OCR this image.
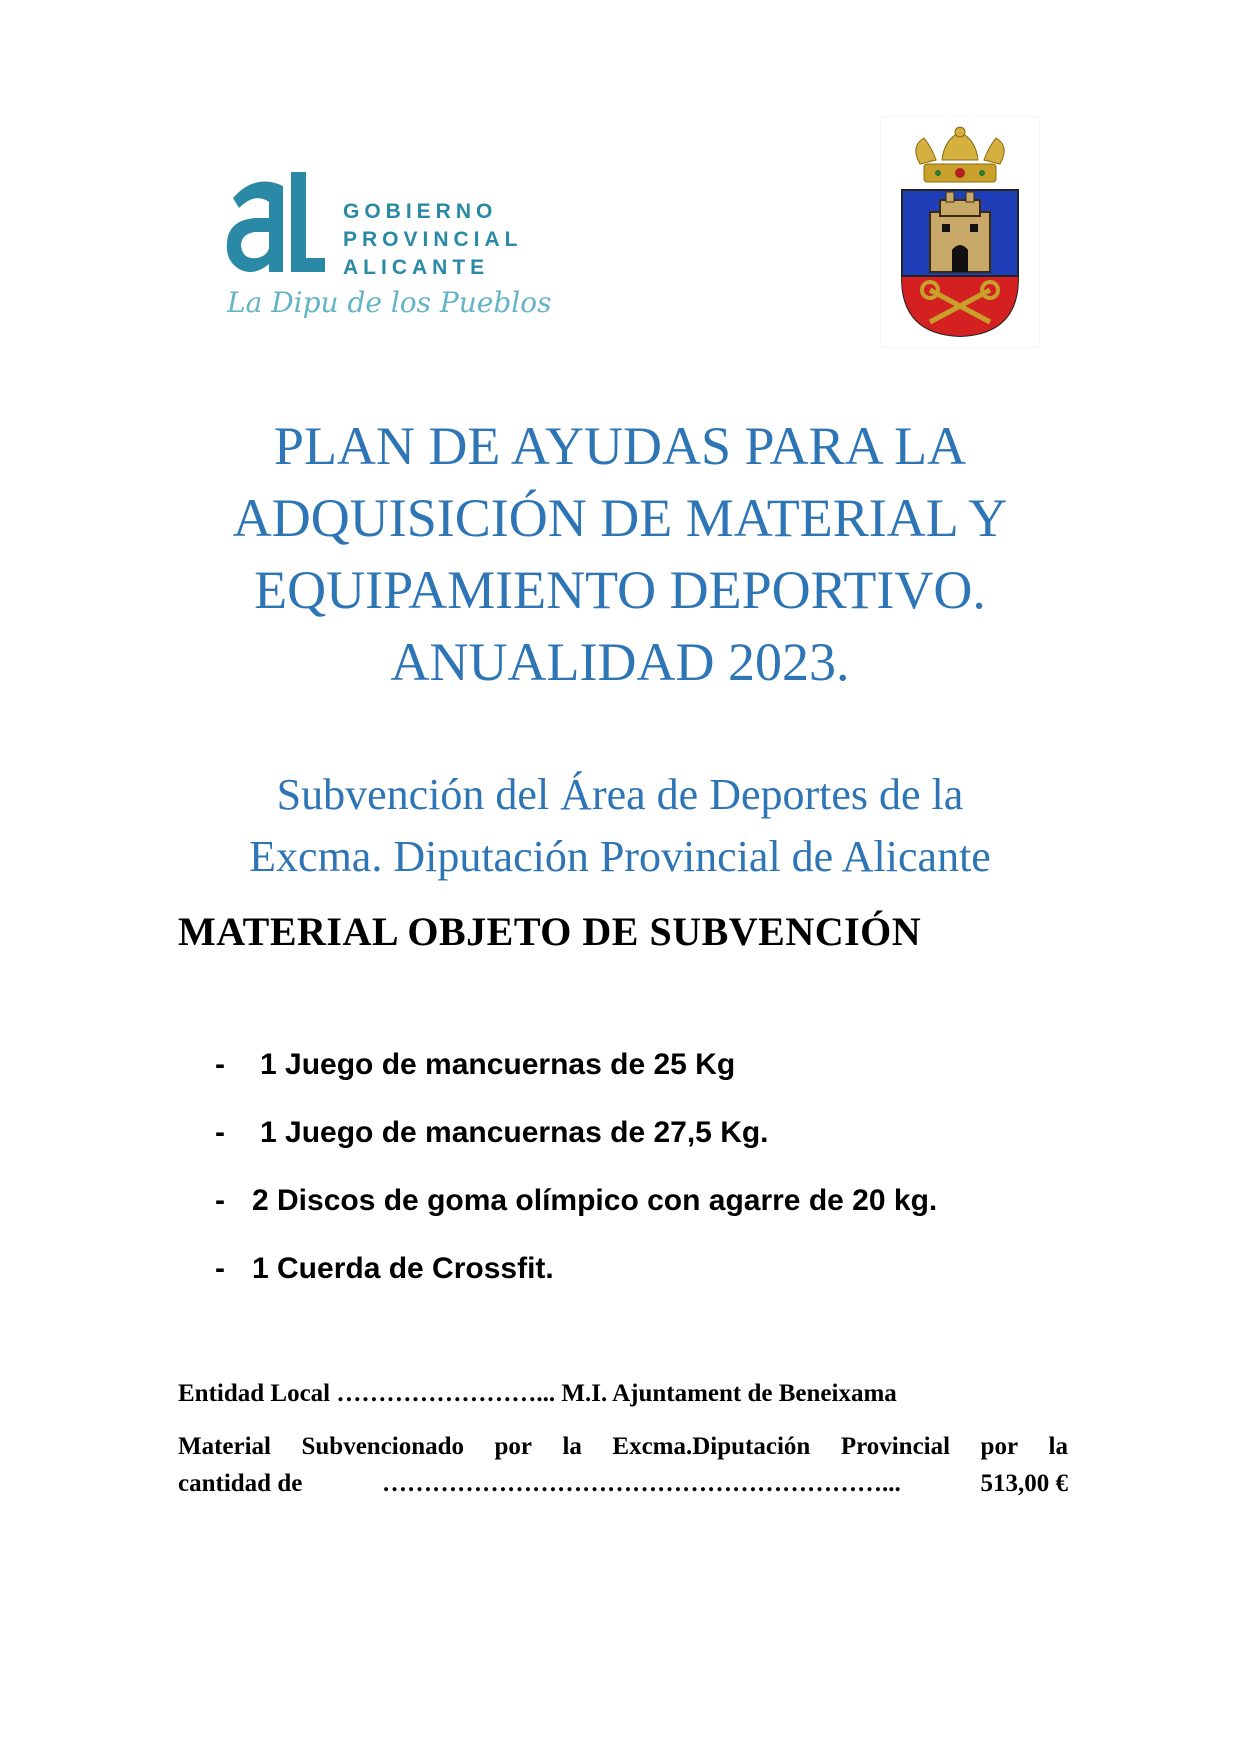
GOBIERNO
PROVINCIAL
ALICANTE
La Dipu de los Pueblos
PLAN DE AYUDAS PARA LA
ADQUISICIÓN DE MATERIAL Y
EQUIPAMIENTO DEPORTIVO.
ANUALIDAD 2023.
Subvención del Área de Deportes de la
Excma. Diputación Provincial de Alicante
MATERIAL OBJETO DE SUBVENCIÓN
- 1 Juego de mancuernas de 25 Kg
- 1 Juego de mancuernas de 27,5 Kg.
- 2 Discos de goma olímpico con agarre de 20 kg.
- 1 Cuerda de Crossfit.
Entidad Local ……………………... M.I. Ajuntament de Beneixama
Material Subvencionado por la Excma.Diputación Provincial por la
cantidad de	……………………………………………………...	513,00 €
